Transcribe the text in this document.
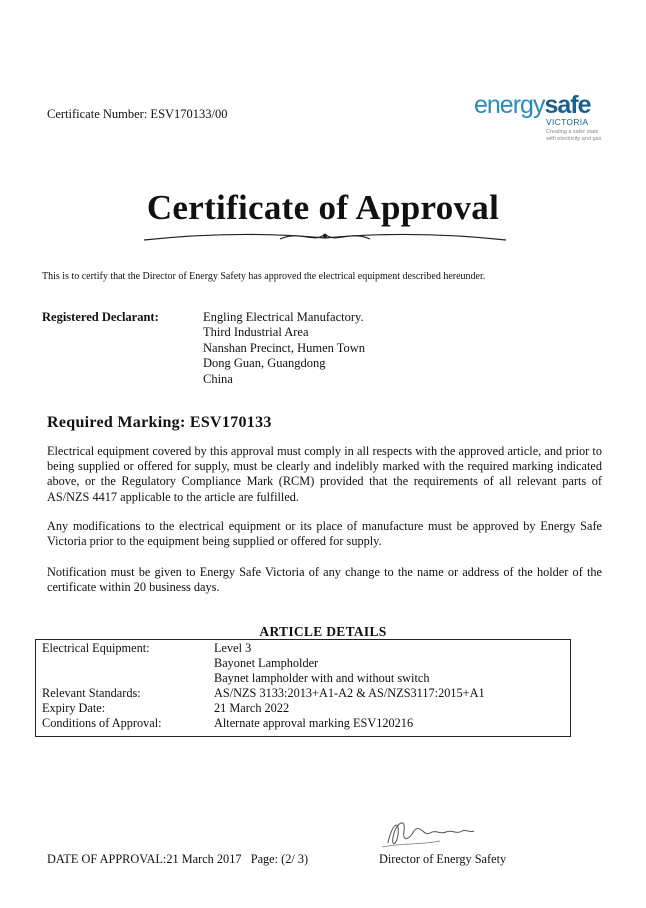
Certificate Number: ESV170133/00	energysafe
VICTORIA
Creating a safer state with electricity and gas
Certificate of Approval
This is to certify that the Director of Energy Safety has approved the electrical equipment described hereunder.
Registered Declarant:	Engling Electrical Manufactory.
Third Industrial Area
Nanshan Precinct, Humen Town
Dong Guan, Guangdong
China
Required Marking: ESV170133
Electrical equipment covered by this approval must comply in all respects with the approved article, and prior to being supplied or offered for supply, must be clearly and indelibly marked with the required marking indicated above, or the Regulatory Compliance Mark (RCM) provided that the requirements of all relevant parts of AS/NZS 4417 applicable to the article are fulfilled.
Any modifications to the electrical equipment or its place of manufacture must be approved by Energy Safe Victoria prior to the equipment being supplied or offered for supply.
Notification must be given to Energy Safe Victoria of any change to the name or address of the holder of the certificate within 20 business days.
ARTICLE DETAILS
Electrical Equipment:	Level 3
Bayonet Lampholder
Baynet lampholder with and without switch
Relevant Standards:	AS/NZS 3133:2013+A1-A2 & AS/NZS3117:2015+A1
Expiry Date:	21 March 2022
Conditions of Approval:	Alternate approval marking ESV120216
DATE OF APPROVAL:21 March 2017 Page: (2/ 3)	Director of Energy Safety
